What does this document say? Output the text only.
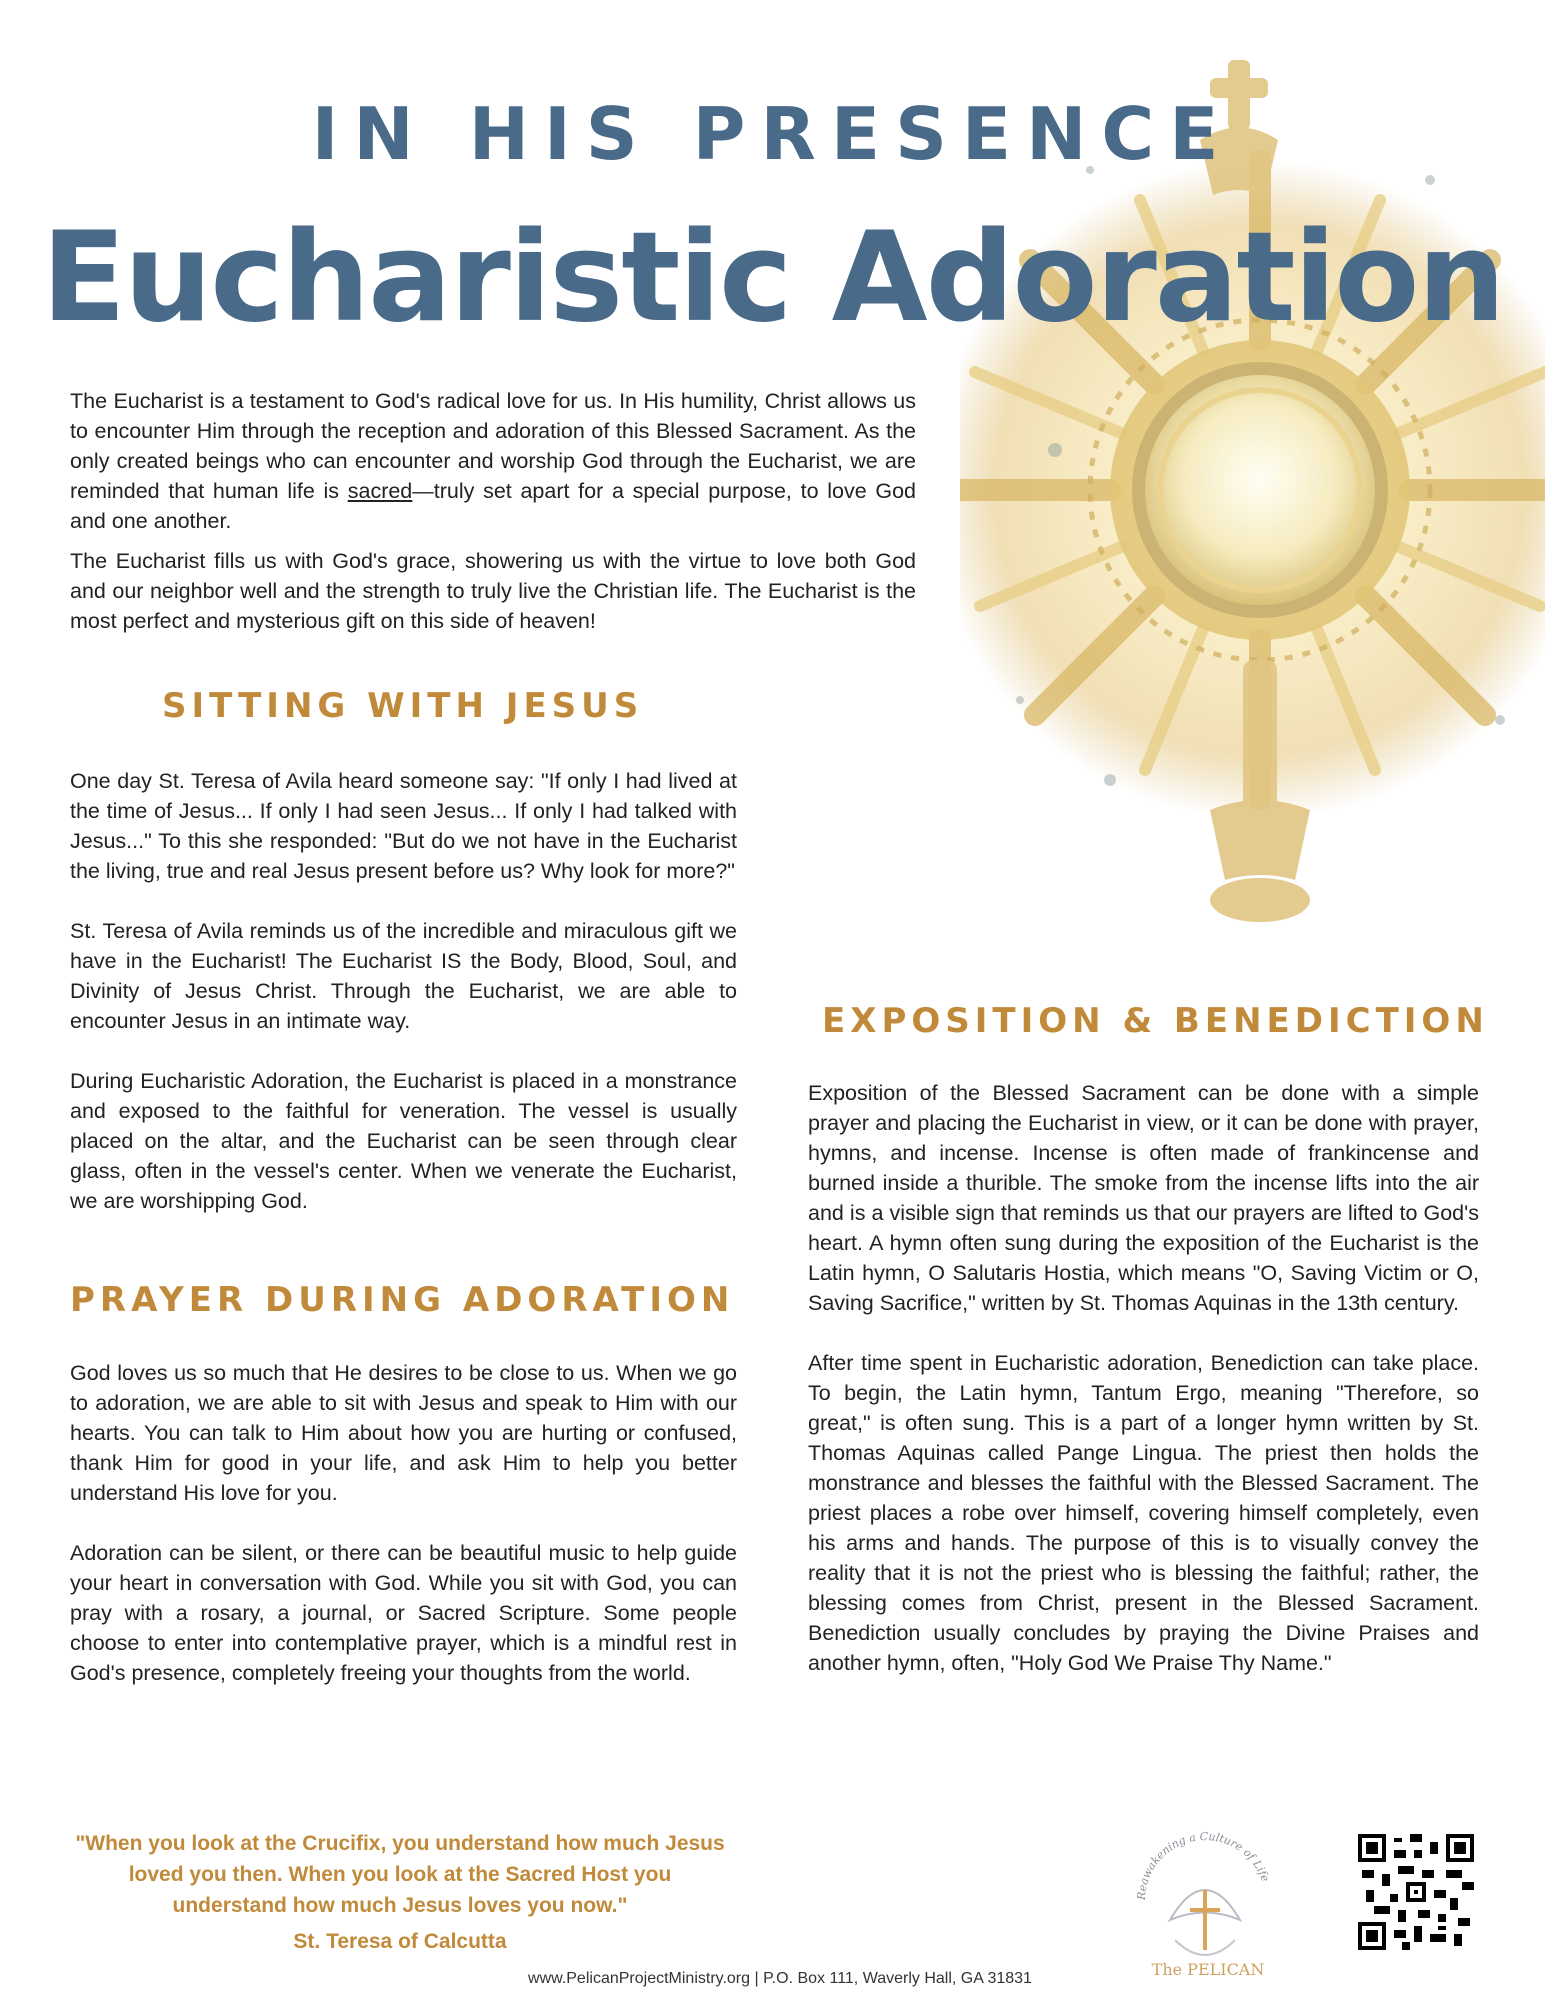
IN HIS PRESENCE
Eucharistic Adoration

The Eucharist is a testament to God's radical love for us. In His humility, Christ allows us to encounter Him through the reception and adoration of this Blessed Sacrament. As the only created beings who can encounter and worship God through the Eucharist, we are reminded that human life is sacred—truly set apart for a special purpose, to love God and one another.

The Eucharist fills us with God's grace, showering us with the virtue to love both God and our neighbor well and the strength to truly live the Christian life. The Eucharist is the most perfect and mysterious gift on this side of heaven!

SITTING WITH JESUS

One day St. Teresa of Avila heard someone say: "If only I had lived at the time of Jesus... If only I had seen Jesus... If only I had talked with Jesus..." To this she responded: "But do we not have in the Eucharist the living, true and real Jesus present before us? Why look for more?"

St. Teresa of Avila reminds us of the incredible and miraculous gift we have in the Eucharist! The Eucharist IS the Body, Blood, Soul, and Divinity of Jesus Christ. Through the Eucharist, we are able to encounter Jesus in an intimate way.

During Eucharistic Adoration, the Eucharist is placed in a monstrance and exposed to the faithful for veneration. The vessel is usually placed on the altar, and the Eucharist can be seen through clear glass, often in the vessel's center. When we venerate the Eucharist, we are worshipping God.

PRAYER DURING ADORATION

God loves us so much that He desires to be close to us. When we go to adoration, we are able to sit with Jesus and speak to Him with our hearts. You can talk to Him about how you are hurting or confused, thank Him for good in your life, and ask Him to help you better understand His love for you.

Adoration can be silent, or there can be beautiful music to help guide your heart in conversation with God. While you sit with God, you can pray with a rosary, a journal, or Sacred Scripture. Some people choose to enter into contemplative prayer, which is a mindful rest in God's presence, completely freeing your thoughts from the world.

EXPOSITION & BENEDICTION

Exposition of the Blessed Sacrament can be done with a simple prayer and placing the Eucharist in view, or it can be done with prayer, hymns, and incense. Incense is often made of frankincense and burned inside a thurible. The smoke from the incense lifts into the air and is a visible sign that reminds us that our prayers are lifted to God's heart. A hymn often sung during the exposition of the Eucharist is the Latin hymn, O Salutaris Hostia, which means "O, Saving Victim or O, Saving Sacrifice," written by St. Thomas Aquinas in the 13th century.

After time spent in Eucharistic adoration, Benediction can take place. To begin, the Latin hymn, Tantum Ergo, meaning "Therefore, so great," is often sung. This is a part of a longer hymn written by St. Thomas Aquinas called Pange Lingua. The priest then holds the monstrance and blesses the faithful with the Blessed Sacrament. The priest places a robe over himself, covering himself completely, even his arms and hands. The purpose of this is to visually convey the reality that it is not the priest who is blessing the faithful; rather, the blessing comes from Christ, present in the Blessed Sacrament. Benediction usually concludes by praying the Divine Praises and another hymn, often, "Holy God We Praise Thy Name."

"When you look at the Crucifix, you understand how much Jesus loved you then. When you look at the Sacred Host you understand how much Jesus loves you now."
St. Teresa of Calcutta
www.PelicanProjectMinistry.org | P.O. Box 111, Waverly Hall, GA 31831
Reawakening a Culture of Life
The PELICAN
